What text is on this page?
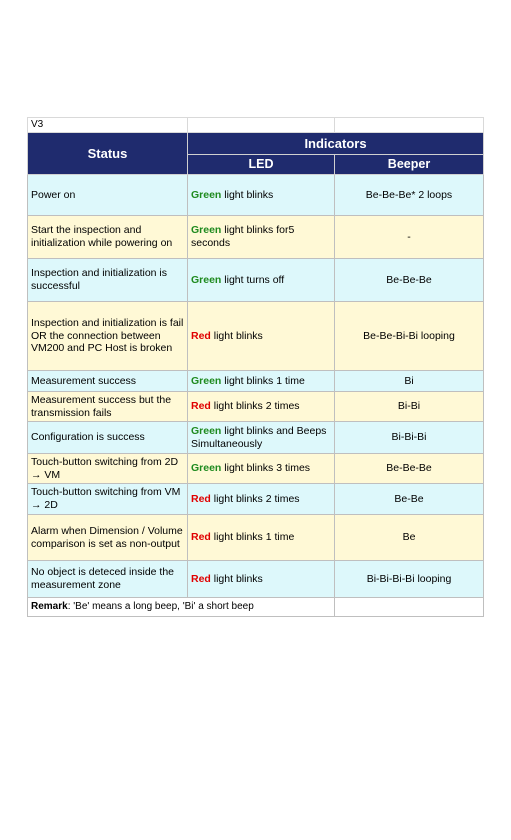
V3		
Status	Indicators	
	LED	Beeper
Power on	Green light blinks	Be-Be-Be* 2 loops
Start the inspection and initialization while powering on	Green light blinks for5 seconds	-
Inspection and initialization is successful	Green light turns off	Be-Be-Be
Inspection and initialization is fail OR the connection between VM200 and PC Host is broken	Red light blinks	Be-Be-Bi-Bi looping
Measurement success	Green light blinks 1 time	Bi
Measurement success but the transmission fails	Red light blinks 2 times	Bi-Bi
Configuration is success	Green light blinks and Beeps Simultaneously	Bi-Bi-Bi
Touch-button switching from 2D → VM	Green light blinks 3 times	Be-Be-Be
Touch-button switching from VM → 2D	Red light blinks 2 times	Be-Be
Alarm when Dimension / Volume comparison is set as non-output	Red light blinks 1 time	Be
No object is deteced inside the measurement zone	Red light blinks	Bi-Bi-Bi-Bi looping
Remark: 'Be' means a long beep, 'Bi' a short beep		
